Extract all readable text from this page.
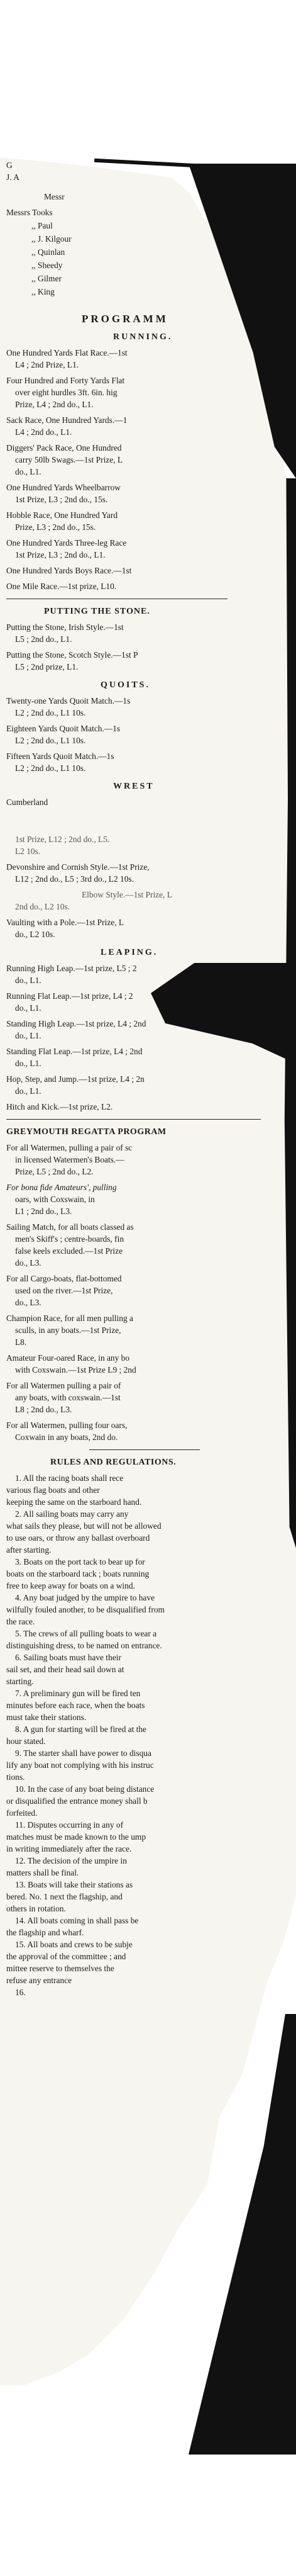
G
J. A
Messr
Messrs Tooks
,, Paul
,, J. Kilgour
,, Quinlan
,, Sheedy
,, Gilmer
,, King
PROGRAMM
RUNNING.
One Hundred Yards Flat Race.—1st
L4 ; 2nd Prize, L1.
Four Hundred and Forty Yards Flat
over eight hurdles 3ft. 6in. hig
Prize, L4 ; 2nd do., L1.
Sack Race, One Hundred Yards.—1
L4 ; 2nd do., L1.
Diggers' Pack Race, One Hundred
carry 50lb Swags.—1st Prize, L
do., L1.
One Hundred Yards Wheelbarrow
1st Prize, L3 ; 2nd do., 15s.
Hobble Race, One Hundred Yard
Prize, L3 ; 2nd do., 15s.
One Hundred Yards Three-leg Race
1st Prize, L3 ; 2nd do., L1.
One Hundred Yards Boys Race.—1st
One Mile Race.—1st prize, L10.
PUTTING THE STONE.
Putting the Stone, Irish Style.—1st
L5 ; 2nd do., L1.
Putting the Stone, Scotch Style.—1st P
L5 ; 2nd prize, L1.
QUOITS.
Twenty-one Yards Quoit Match.—1s
L2 ; 2nd do., L1 10s.
Eighteen Yards Quoit Match.—1s
L2 ; 2nd do., L1 10s.
Fifteen Yards Quoit Match.—1s
L2 ; 2nd do., L1 10s.
WREST
Cumberland
1st Prize, L12 ; 2nd do., L5.
L2 10s.
Devonshire and Cornish Style.—1st Prize,
L12 ; 2nd do., L5 ; 3rd do., L2 10s.
Elbow Style.—1st Prize, L
2nd do., L2 10s.
Vaulting with a Pole.—1st Prize, L
do., L2 10s.
LEAPING.
Running High Leap.—1st prize, L5 ; 2
do., L1.
Running Flat Leap.—1st prize, L4 ; 2
do., L1.
Standing High Leap.—1st prize, L4 ; 2nd
do., L1.
Standing Flat Leap.—1st prize, L4 ; 2nd
do., L1.
Hop, Step, and Jump.—1st prize, L4 ; 2n
do., L1.
Hitch and Kick.—1st prize, L2.
GREYMOUTH REGATTA PROGRAM
For all Watermen, pulling a pair of sc
in licensed Watermen's Boats.—
Prize, L5 ; 2nd do., L2.
For bona fide Amateurs', pulling
oars, with Coxswain, in
L1 ; 2nd do., L3.
Sailing Match, for all boats classed as
men's Skiff's ; centre-boards, fin
false keels excluded.—1st Prize
do., L3.
For all Cargo-boats, flat-bottomed
used on the river.—1st Prize,
do., L3.
Champion Race, for all men pulling a
sculls, in any boats.—1st Prize,
L8.
Amateur Four-oared Race, in any bo
with Coxswain.—1st Prize L9 ; 2nd
For all Watermen pulling a pair of
any boats, with coxswain.—1st
L8 ; 2nd do., L3.
For all Watermen, pulling four oars,
Coxwain in any boats, 2nd do.
RULES AND REGULATIONS.
1. All the racing boats shall rece
various flag boats and other
keeping the same on the starboard hand.
2. All sailing boats may carry any
what sails they please, but will not be allowed
to use oars, or throw any ballast overboard
after starting.
3. Boats on the port tack to bear up for
boats on the starboard tack ; boats running
free to keep away for boats on a wind.
4. Any boat judged by the umpire to have
wilfully fouled another, to be disqualified from
the race.
5. The crews of all pulling boats to wear a
distinguishing dress, to be named on entrance.
6. Sailing boats must have their
sail set, and their head sail down at
starting.
7. A preliminary gun will be fired ten
minutes before each race, when the boats
must take their stations.
8. A gun for starting will be fired at the
hour stated.
9. The starter shall have power to disqua
lify any boat not complying with his instruc
tions.
10. In the case of any boat being distance
or disqualified the entrance money shall b
forfeited.
11. Disputes occurring in any of
matches must be made known to the ump
in writing immediately after the race.
12. The decision of the umpire in
matters shall be final.
13. Boats will take their stations as
bered. No. 1 next the flagship, and
others in rotation.
14. All boats coming in shall pass be
the flagship and wharf.
15. All boats and crews to be subje
the approval of the committee ; and
mittee reserve to themselves the
refuse any entrance
16.
